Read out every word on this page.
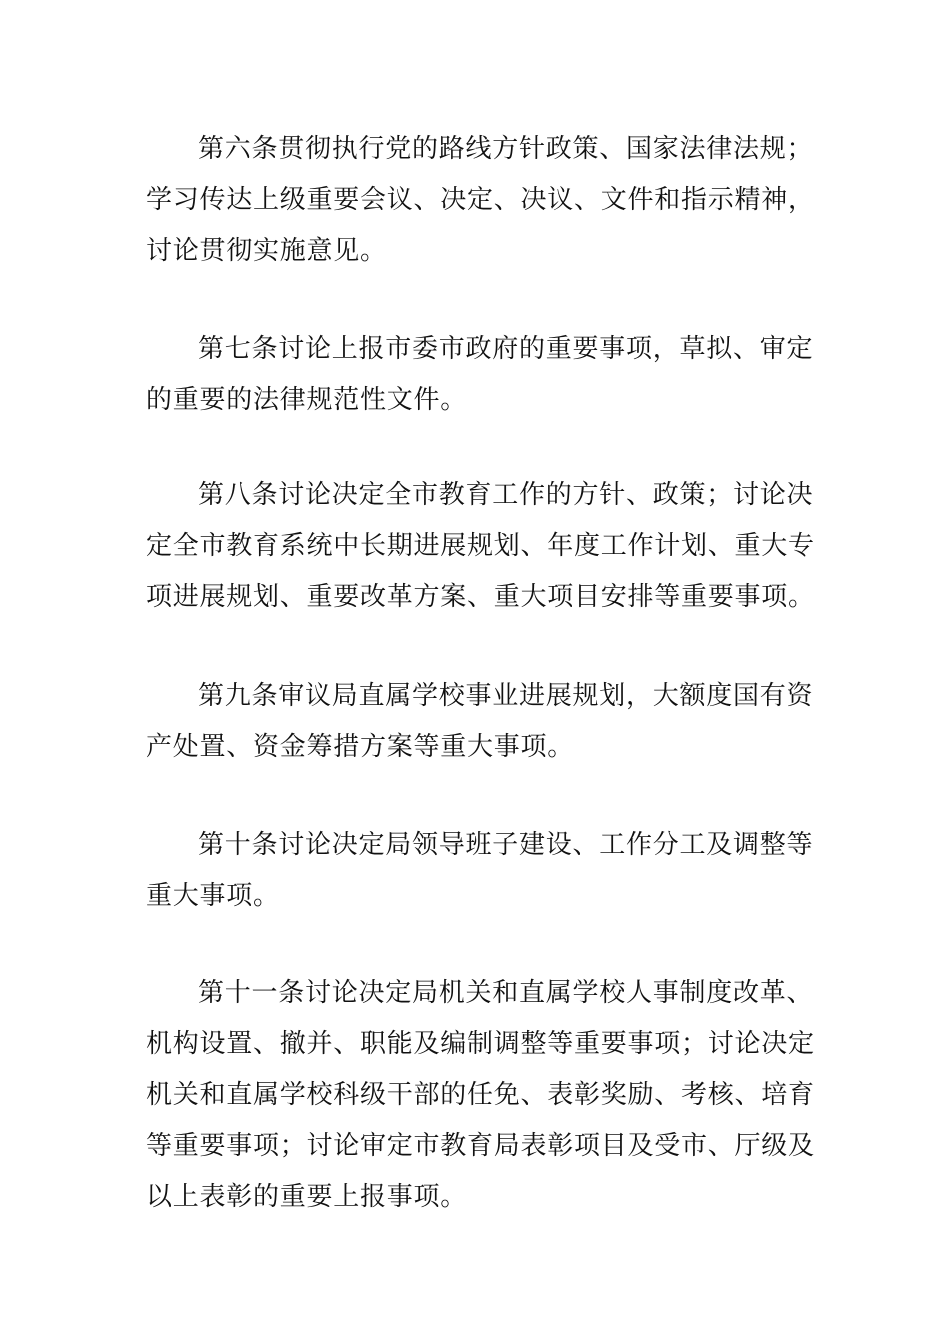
第六条贯彻执行党的路线方针政策、国家法律法规；
学习传达上级重要会议、决定、决议、文件和指示精神，
讨论贯彻实施意见。
第七条讨论上报市委市政府的重要事项，草拟、审定
的重要的法律规范性文件。
第八条讨论决定全市教育工作的方针、政策；讨论决
定全市教育系统中长期进展规划、年度工作计划、重大专
项进展规划、重要改革方案、重大项目安排等重要事项。
第九条审议局直属学校事业进展规划，大额度国有资
产处置、资金筹措方案等重大事项。
第十条讨论决定局领导班子建设、工作分工及调整等
重大事项。
第十一条讨论决定局机关和直属学校人事制度改革、
机构设置、撤并、职能及编制调整等重要事项；讨论决定
机关和直属学校科级干部的任免、表彰奖励、考核、培育
等重要事项；讨论审定市教育局表彰项目及受市、厅级及
以上表彰的重要上报事项。
